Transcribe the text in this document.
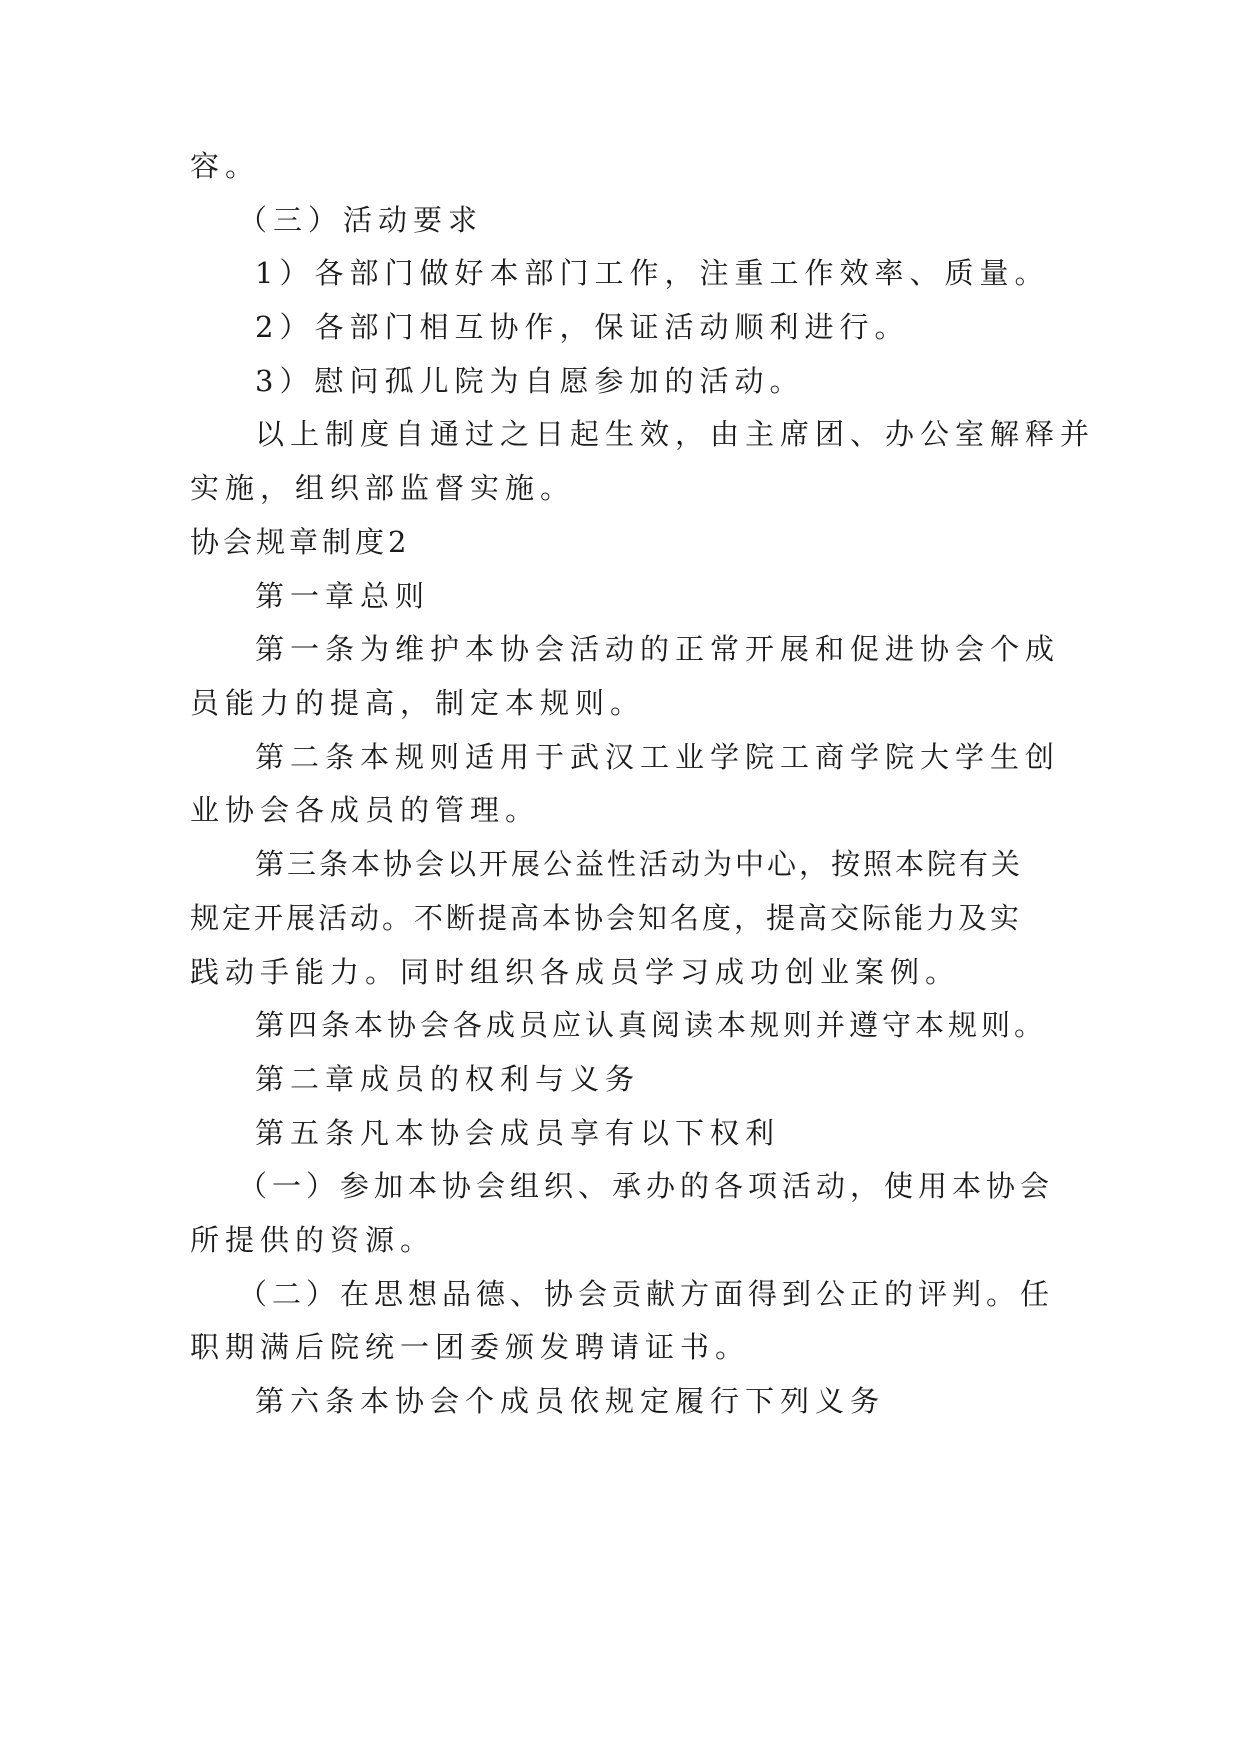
容。
（三）活动要求
1）各部门做好本部门工作，注重工作效率、质量。
2）各部门相互协作，保证活动顺利进行。
3）慰问孤儿院为自愿参加的活动。
以上制度自通过之日起生效，由主席团、办公室解释并
实施，组织部监督实施。
协会规章制度2
第一章总则
第一条为维护本协会活动的正常开展和促进协会个成
员能力的提高，制定本规则。
第二条本规则适用于武汉工业学院工商学院大学生创
业协会各成员的管理。
第三条本协会以开展公益性活动为中心，按照本院有关
规定开展活动。不断提高本协会知名度，提高交际能力及实
践动手能力。同时组织各成员学习成功创业案例。
第四条本协会各成员应认真阅读本规则并遵守本规则。
第二章成员的权利与义务
第五条凡本协会成员享有以下权利
（一）参加本协会组织、承办的各项活动，使用本协会
所提供的资源。
（二）在思想品德、协会贡献方面得到公正的评判。任
职期满后院统一团委颁发聘请证书。
第六条本协会个成员依规定履行下列义务
